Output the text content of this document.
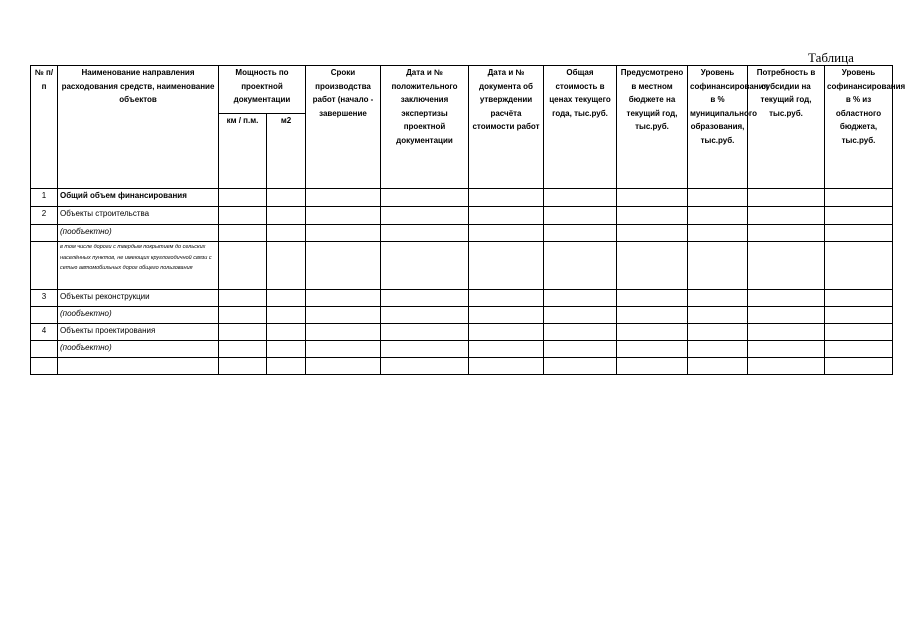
Таблица
№ п/ п	Наименование направления расходования средств, наименование объектов	Мощность по проектной документации		Сроки производства работ (начало - завершение	Дата и № положительного заключения экспертизы проектной документации	Дата и № документа об утверждении расчёта стоимости работ	Общая стоимость в ценах текущего года, тыс.руб.	Предусмотрено в местном бюджете на текущий год, тыс.руб.	Уровень софинансирования в % муниципального образования, тыс.руб.	Потребность в субсидии на текущий год, тыс.руб.	Уровень софинансирования в % из областного бюджета, тыс.руб.
		км / п.м.	м2								
1	Общий объем финансирования										
2	Объекты строительства										
	(пообъектно)										
	в том числе дороги с твердым покрытием до сельских населённых пунктов, не имеющих круглогодичной связи с сетью автомобильных дорог общего пользования										
3	Объекты реконструкции										
	(пообъектно)										
4	Объекты проектирования										
	(пообъектно)										
